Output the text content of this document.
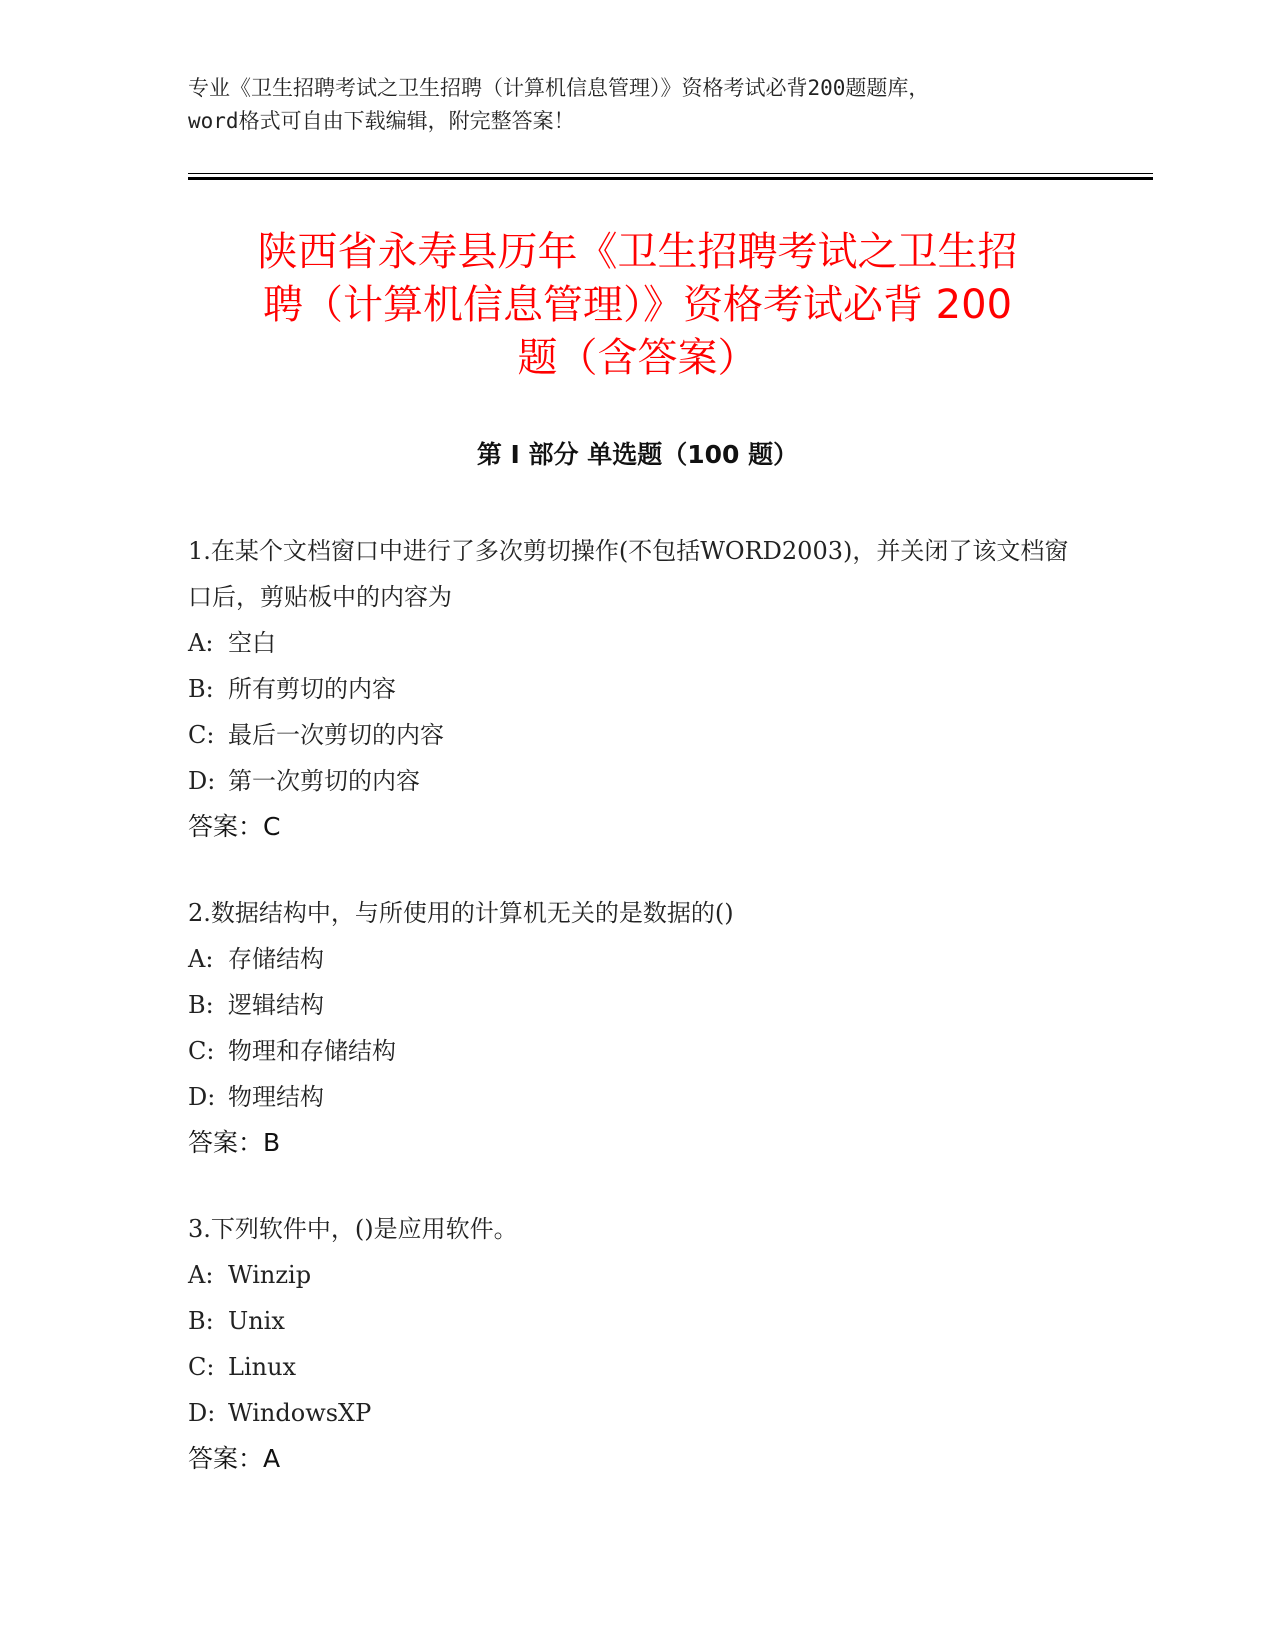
专业《卫生招聘考试之卫生招聘（计算机信息管理）》资格考试必背200题题库，
word格式可自由下载编辑，附完整答案！
陕西省永寿县历年《卫生招聘考试之卫生招
聘（计算机信息管理）》资格考试必背 200
题（含答案）
第 I 部分 单选题（100 题）

1.在某个文档窗口中进行了多次剪切操作(不包括WORD2003)，并关闭了该文档窗口后，剪贴板中的内容为

A: 空白

B: 所有剪切的内容

C: 最后一次剪切的内容

D: 第一次剪切的内容

答案：C

2.数据结构中，与所使用的计算机无关的是数据的()

A: 存储结构

B: 逻辑结构

C: 物理和存储结构

D: 物理结构

答案：B

3.下列软件中，()是应用软件。

A: Winzip

B: Unix

C: Linux

D: WindowsXP

答案：A
